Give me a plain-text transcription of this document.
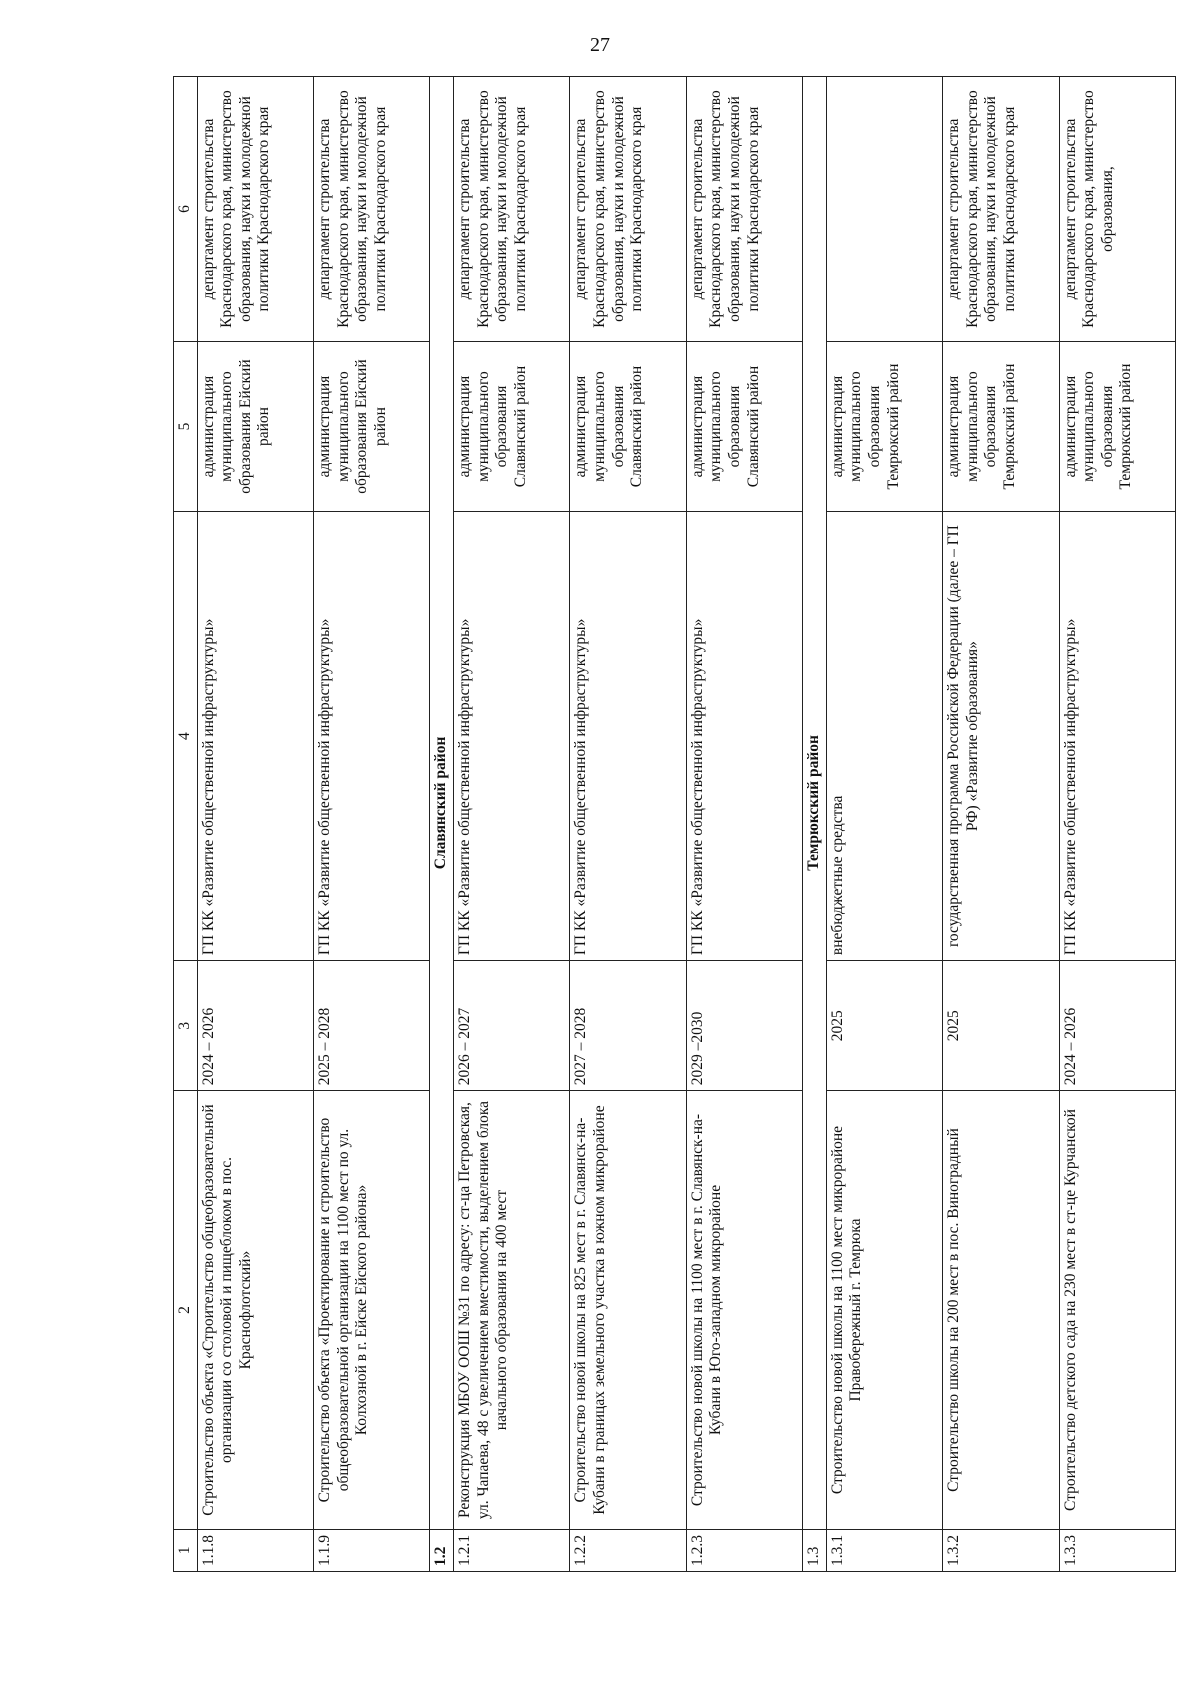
27
1	2	3	4	5	6
1.1.8	Строительство объекта «Строительство общеобразовательной организации со столовой и пищеблоком в пос. Краснофлотский»	2024 – 2026	ГП КК «Развитие общественной инфраструктуры»	администрация муниципального образования Ейский район	департамент строительства Краснодарского края, министерство образования, науки и молодежной политики Краснодарского края
1.1.9	Строительство объекта «Проектирование и строительство общеобразовательной организации на 1100 мест по ул. Колхозной в г. Ейске Ейского района»	2025 – 2028	ГП КК «Развитие общественной инфраструктуры»	администрация муниципального образования Ейский район	департамент строительства Краснодарского края, министерство образования, науки и молодежной политики Краснодарского края
1.2	Славянский район				
1.2.1	Реконструкция МБОУ ООШ №31 по адресу: ст-ца Петровская, ул. Чапаева, 48 с увеличением вместимости, выделением блока начального образования на 400 мест	2026 – 2027	ГП КК «Развитие общественной инфраструктуры»	администрация муниципального образования Славянский район	департамент строительства Краснодарского края, министерство образования, науки и молодежной политики Краснодарского края
1.2.2	Строительство новой школы на 825 мест в г. Славянск-на-Кубани в границах земельного участка в южном микрорайоне	2027 – 2028	ГП КК «Развитие общественной инфраструктуры»	администрация муниципального образования Славянский район	департамент строительства Краснодарского края, министерство образования, науки и молодежной политики Краснодарского края
1.2.3	Строительство новой школы на 1100 мест в г. Славянск-на-Кубани в Юго-западном микрорайоне	2029 –2030	ГП КК «Развитие общественной инфраструктуры»	администрация муниципального образования Славянский район	департамент строительства Краснодарского края, министерство образования, науки и молодежной политики Краснодарского края
1.3	Темрюкский район				
1.3.1	Строительство новой школы на 1100 мест микрорайоне Правобережный г. Темрюка	2025	внебюджетные средства	администрация муниципального образования Темрюкский район	
1.3.2	Строительство школы на 200 мест в пос. Виноградный	2025	государственная программа Российской Федерации (далее – ГП РФ) «Развитие образования»	администрация муниципального образования Темрюкский район	департамент строительства Краснодарского края, министерство образования, науки и молодежной политики Краснодарского края
1.3.3	Строительство детского сада на 230 мест в ст-це Курчанской	2024 – 2026	ГП КК «Развитие общественной инфраструктуры»	администрация муниципального образования Темрюкский район	департамент строительства Краснодарского края, министерство образования,
